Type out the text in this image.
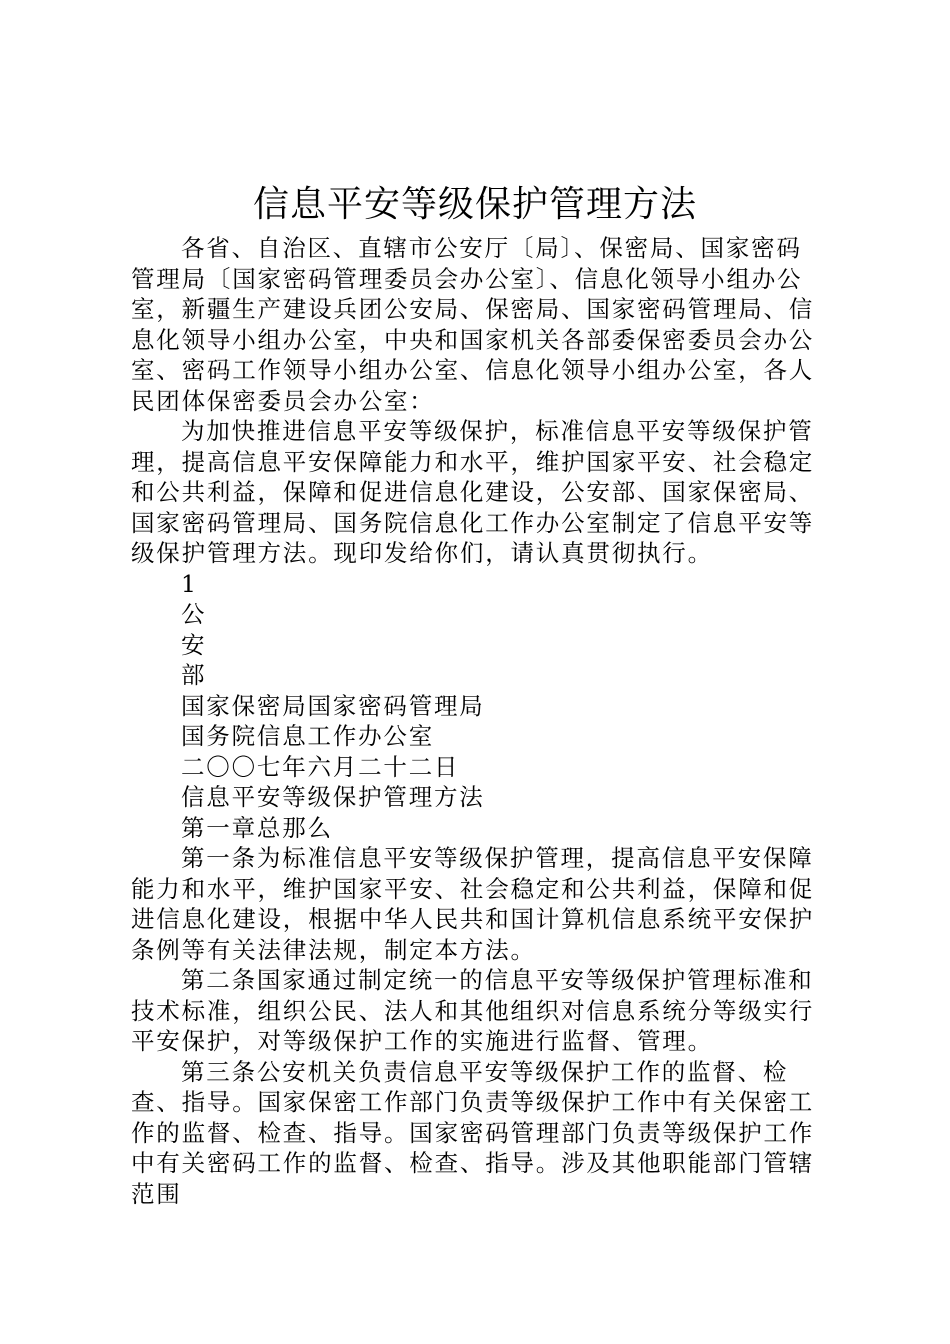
信息平安等级保护管理方法

各省、自治区、直辖市公安厅〔局〕、保密局、国家密码管理局〔国家密码管理委员会办公室〕、信息化领导小组办公室，新疆生产建设兵团公安局、保密局、国家密码管理局、信息化领导小组办公室，中央和国家机关各部委保密委员会办公室、密码工作领导小组办公室、信息化领导小组办公室，各人民团体保密委员会办公室：

为加快推进信息平安等级保护，标准信息平安等级保护管理，提高信息平安保障能力和水平，维护国家平安、社会稳定和公共利益，保障和促进信息化建设，公安部、国家保密局、国家密码管理局、国务院信息化工作办公室制定了信息平安等级保护管理方法。现印发给你们，请认真贯彻执行。

1

公

安

部

国家保密局国家密码管理局

国务院信息工作办公室

二〇〇七年六月二十二日

信息平安等级保护管理方法

第一章总那么

第一条为标准信息平安等级保护管理，提高信息平安保障能力和水平，维护国家平安、社会稳定和公共利益，保障和促进信息化建设，根据中华人民共和国计算机信息系统平安保护条例等有关法律法规，制定本方法。

第二条国家通过制定统一的信息平安等级保护管理标准和技术标准，组织公民、法人和其他组织对信息系统分等级实行平安保护，对等级保护工作的实施进行监督、管理。

第三条公安机关负责信息平安等级保护工作的监督、检查、指导。国家保密工作部门负责等级保护工作中有关保密工作的监督、检查、指导。国家密码管理部门负责等级保护工作中有关密码工作的监督、检查、指导。涉及其他职能部门管辖范围
